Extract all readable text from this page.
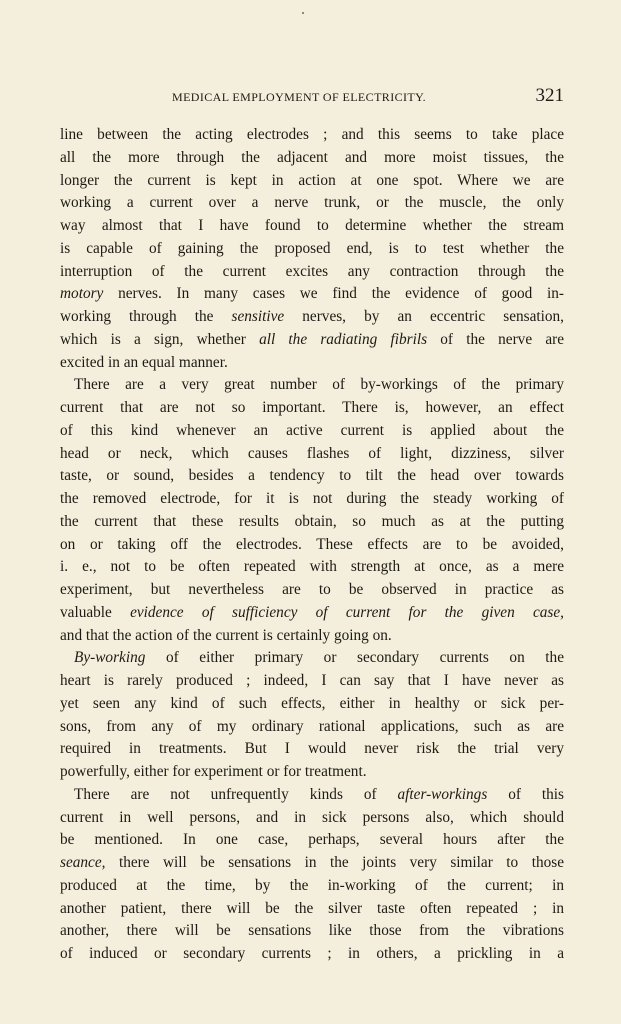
MEDICAL EMPLOYMENT OF ELECTRICITY.	321
line between the acting electrodes ; and this seems to take place
all the more through the adjacent and more moist tissues, the
longer the current is kept in action at one spot. Where we are
working a current over a nerve trunk, or the muscle, the only
way almost that I have found to determine whether the stream
is capable of gaining the proposed end, is to test whether the
interruption of the current excites any contraction through the
motory nerves. In many cases we find the evidence of good in-
working through the sensitive nerves, by an eccentric sensation,
which is a sign, whether all the radiating fibrils of the nerve are
excited in an equal manner.
There are a very great number of by-workings of the primary
current that are not so important. There is, however, an effect
of this kind whenever an active current is applied about the
head or neck, which causes flashes of light, dizziness, silver
taste, or sound, besides a tendency to tilt the head over towards
the removed electrode, for it is not during the steady working of
the current that these results obtain, so much as at the putting
on or taking off the electrodes. These effects are to be avoided,
i. e., not to be often repeated with strength at once, as a mere
experiment, but nevertheless are to be observed in practice as
valuable evidence of sufficiency of current for the given case,
and that the action of the current is certainly going on.
By-working of either primary or secondary currents on the
heart is rarely produced ; indeed, I can say that I have never as
yet seen any kind of such effects, either in healthy or sick per-
sons, from any of my ordinary rational applications, such as are
required in treatments. But I would never risk the trial very
powerfully, either for experiment or for treatment.
There are not unfrequently kinds of after-workings of this
current in well persons, and in sick persons also, which should
be mentioned. In one case, perhaps, several hours after the
seance, there will be sensations in the joints very similar to those
produced at the time, by the in-working of the current; in
another patient, there will be the silver taste often repeated ; in
another, there will be sensations like those from the vibrations
of induced or secondary currents ; in others, a prickling in a
